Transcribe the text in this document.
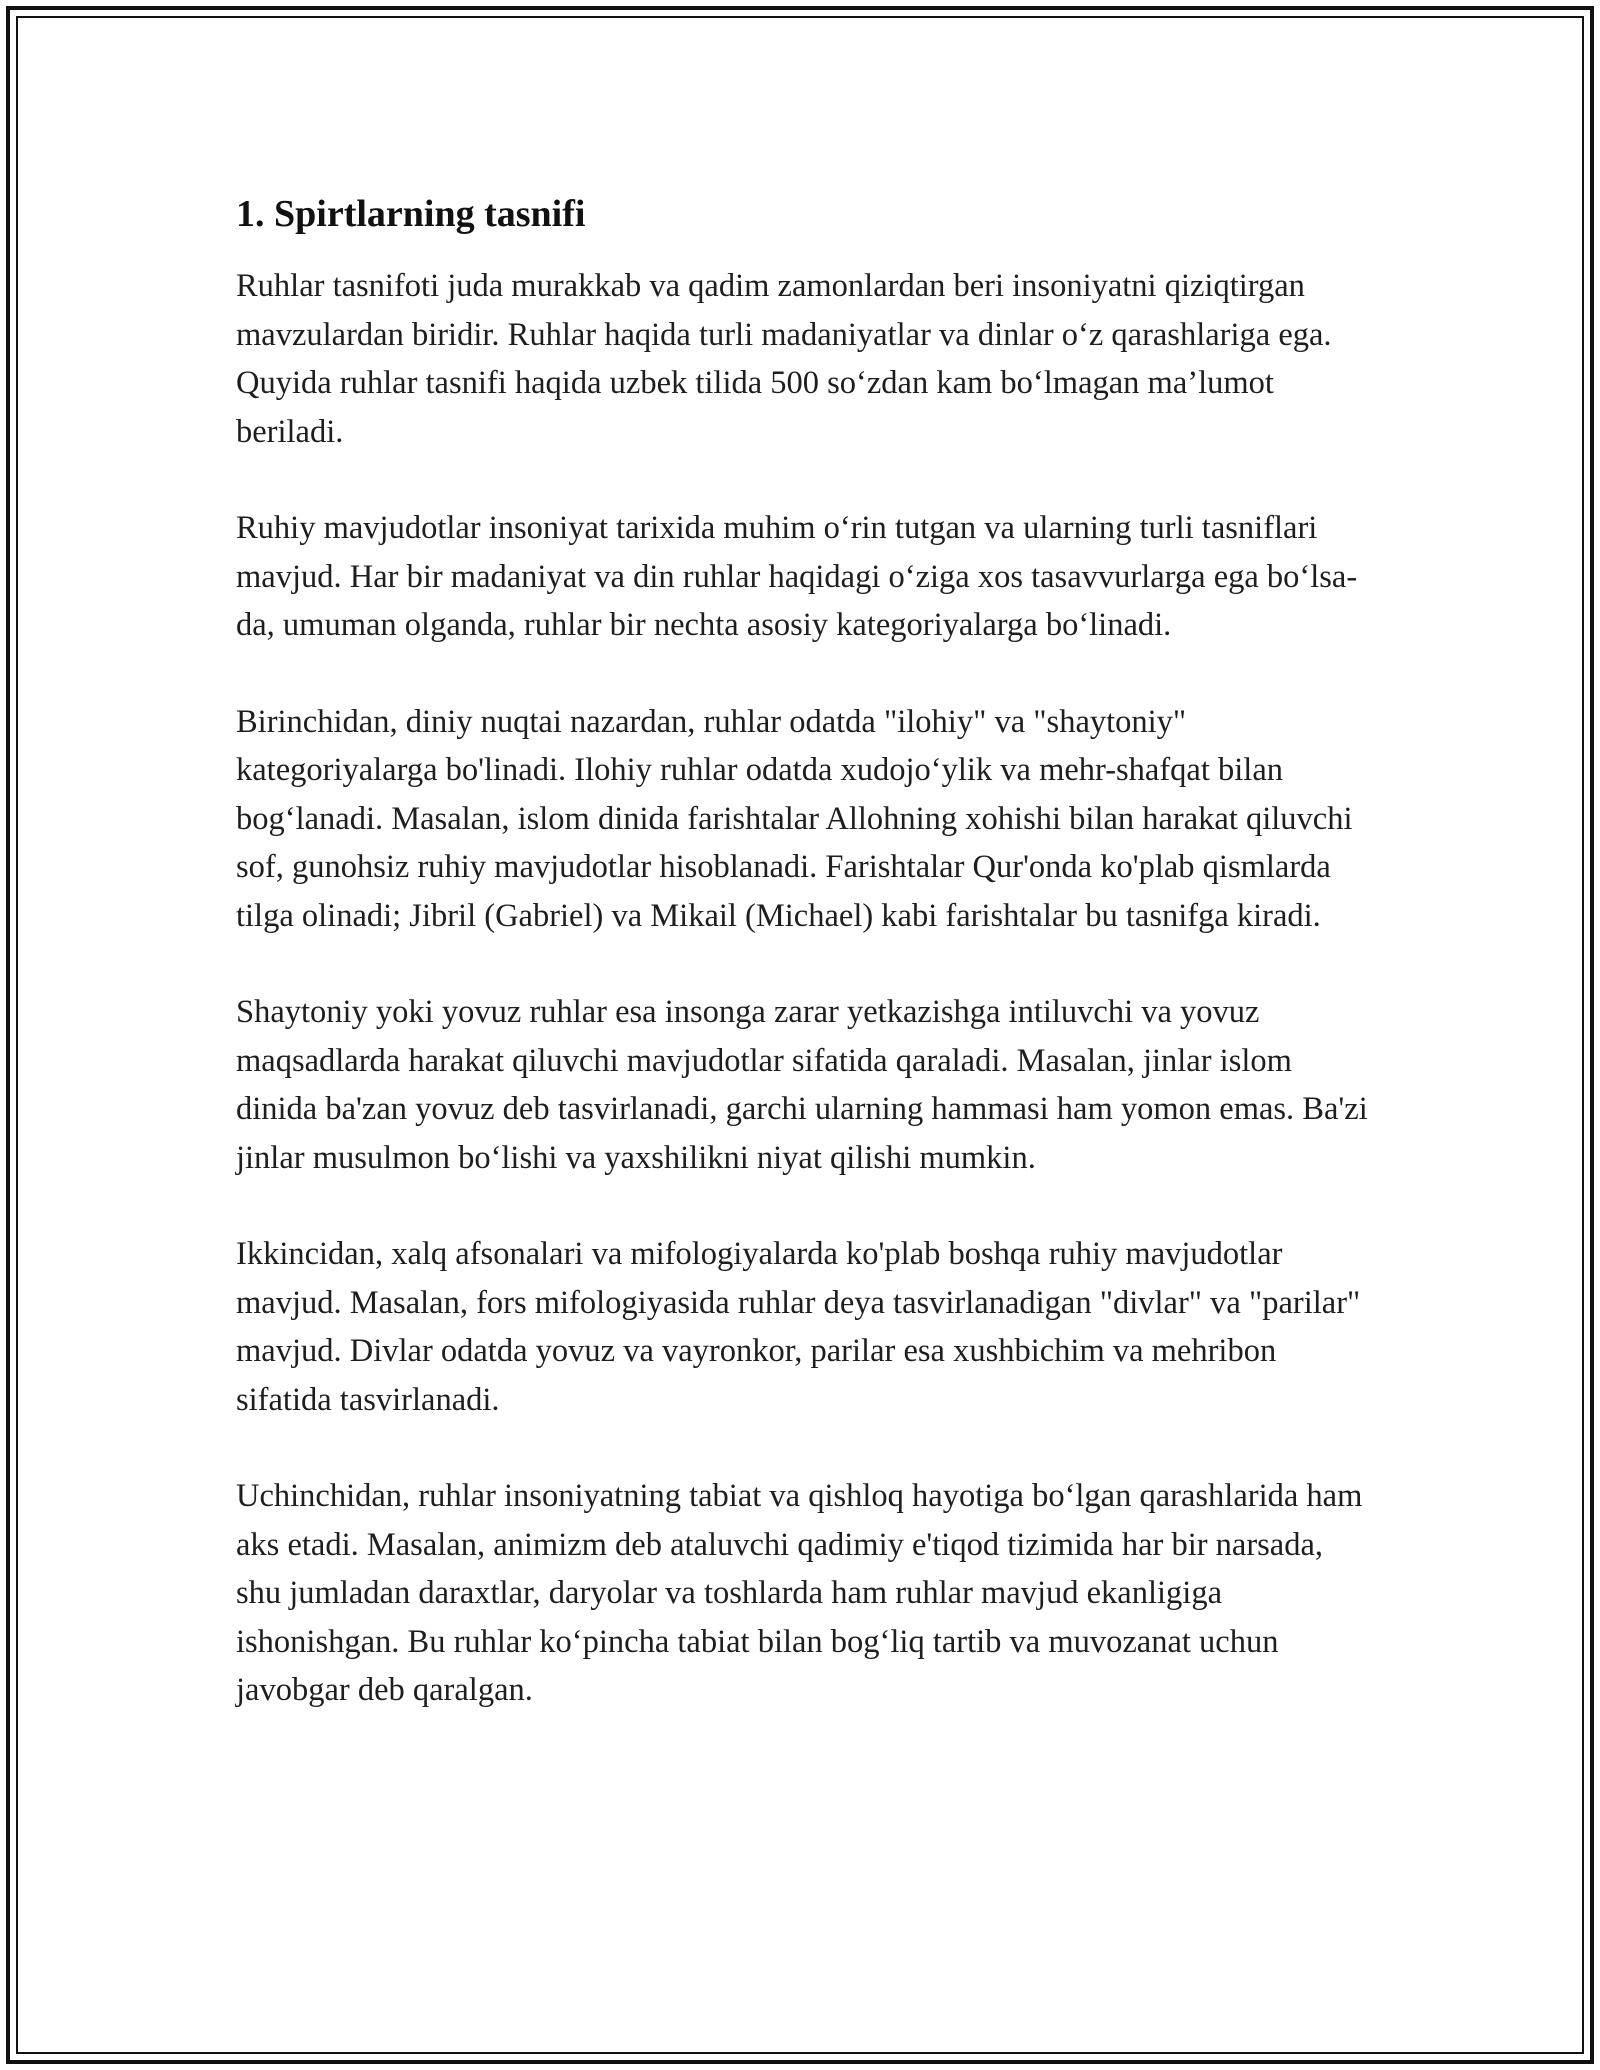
1. Spirtlarning tasnifi

Ruhlar tasnifoti juda murakkab va qadim zamonlardan beri insoniyatni qiziqtirgan mavzulardan biridir. Ruhlar haqida turli madaniyatlar va dinlar o‘z qarashlariga ega. Quyida ruhlar tasnifi haqida uzbek tilida 500 so‘zdan kam bo‘lmagan ma’lumot beriladi.

Ruhiy mavjudotlar insoniyat tarixida muhim o‘rin tutgan va ularning turli tasniflari mavjud. Har bir madaniyat va din ruhlar haqidagi o‘ziga xos tasavvurlarga ega bo‘lsa-da, umuman olganda, ruhlar bir nechta asosiy kategoriyalarga bo‘linadi.

Birinchidan, diniy nuqtai nazardan, ruhlar odatda "ilohiy" va "shaytoniy" kategoriyalarga bo'linadi. Ilohiy ruhlar odatda xudojo‘ylik va mehr-shafqat bilan bog‘lanadi. Masalan, islom dinida farishtalar Allohning xohishi bilan harakat qiluvchi sof, gunohsiz ruhiy mavjudotlar hisoblanadi. Farishtalar Qur'onda ko'plab qismlarda tilga olinadi; Jibril (Gabriel) va Mikail (Michael) kabi farishtalar bu tasnifga kiradi.

Shaytoniy yoki yovuz ruhlar esa insonga zarar yetkazishga intiluvchi va yovuz maqsadlarda harakat qiluvchi mavjudotlar sifatida qaraladi. Masalan, jinlar islom dinida ba'zan yovuz deb tasvirlanadi, garchi ularning hammasi ham yomon emas. Ba'zi jinlar musulmon bo‘lishi va yaxshilikni niyat qilishi mumkin.

Ikkincidan, xalq afsonalari va mifologiyalarda ko'plab boshqa ruhiy mavjudotlar mavjud. Masalan, fors mifologiyasida ruhlar deya tasvirlanadigan "divlar" va "parilar" mavjud. Divlar odatda yovuz va vayronkor, parilar esa xushbichim va mehribon sifatida tasvirlanadi.

Uchinchidan, ruhlar insoniyatning tabiat va qishloq hayotiga bo‘lgan qarashlarida ham aks etadi. Masalan, animizm deb ataluvchi qadimiy e'tiqod tizimida har bir narsada, shu jumladan daraxtlar, daryolar va toshlarda ham ruhlar mavjud ekanligiga ishonishgan. Bu ruhlar ko‘pincha tabiat bilan bog‘liq tartib va muvozanat uchun javobgar deb qaralgan.
